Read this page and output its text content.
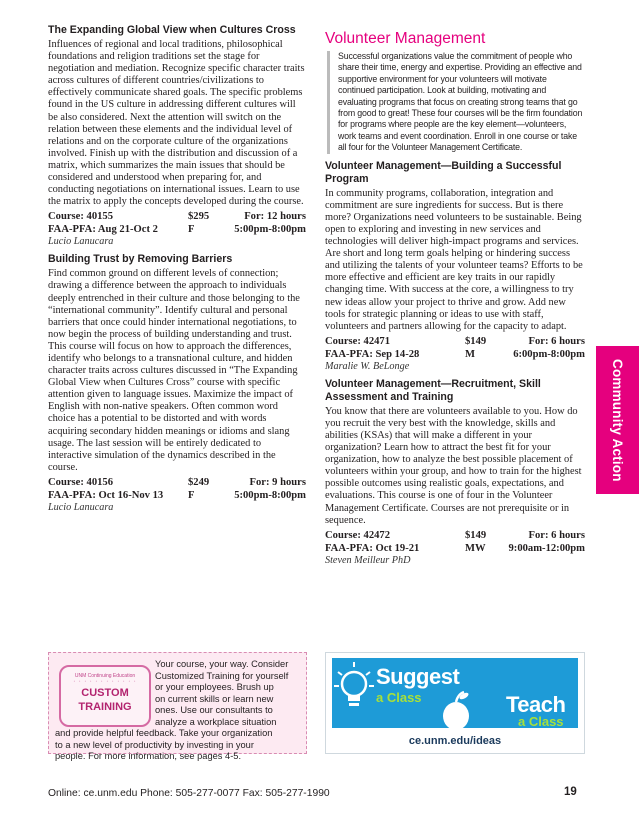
The Expanding Global View when Cultures Cross

Influences of regional and local traditions, philosophical foundations and religion traditions set the stage for negotiation and mediation. Recognize specific character traits across cultures of different countries/civilizations to effectively communicate shared goals. The specific problems found in the US culture in addressing different cultures will be also considered. Next the attention will switch on the relation between these elements and the individual level of relations and on the corporate culture of the organizations involved. Finish up with the distribution and discussion of a matrix, which summarizes the main issues that should be considered and understood when preparing for, and conducting negotiations on international issues. Learn to use the matrix to apply the concepts developed during the course.

Course: 40155	$295	For: 12 hours
FAA-PFA: Aug 21-Oct 2	F	5:00pm-8:00pm
Lucio Lanucara
Building Trust by Removing Barriers

Find common ground on different levels of connection; drawing a difference between the approach to individuals deeply entrenched in their culture and those belonging to the “international community”. Identify cultural and personal barriers that once could hinder international negotiations, to now begin the process of building understanding and trust. This course will focus on how to approach the differences, identify who belongs to a transnational culture, and hidden character traits across cultures discussed in “The Expanding Global View when Cultures Cross” course with specific attention given to language issues. Maximize the impact of English with non-native speakers. Often common word choice has a potential to be distorted and with words acquiring secondary hidden meanings or idioms and slang usage. The last session will be entirely dedicated to interactive simulation of the dynamics described in the course.

Course: 40156	$249	For: 9 hours
FAA-PFA: Oct 16-Nov 13	F	5:00pm-8:00pm
Lucio Lanucara
Volunteer Management
Successful organizations value the commitment of people who share their time, energy and expertise. Providing an effective and supportive environment for your volunteers will motivate continued participation. Look at building, motivating and evaluating programs that focus on creating strong teams that go from good to great! These four courses will be the firm foundation for programs where people are the key element—volunteers, work teams and event coordination. Enroll in one course or take all four for the Volunteer Management Certificate.
Volunteer Management—Building a Successful Program

In community programs, collaboration, integration and commitment are sure ingredients for success. But is there more? Organizations need volunteers to be sustainable. Being open to exploring and investing in new services and technologies will deliver high-impact programs and services. Are short and long term goals helping or hindering success and utilizing the talents of your volunteer teams? Efforts to be more effective and efficient are key traits in our rapidly changing time. With success at the core, a willingness to try new ideas allow your project to thrive and grow. Add new tools for strategic planning or ideas to use with staff, volunteers and partners allowing for the capacity to adapt.

Course: 42471	$149	For: 6 hours
FAA-PFA: Sep 14-28	M	6:00pm-8:00pm
Maralie W. BeLonge
Volunteer Management—Recruitment, Skill Assessment and Training

You know that there are volunteers available to you. How do you recruit the very best with the knowledge, skills and abilities (KSAs) that will make a different in your organization? Learn how to attract the best fit for your organization, how to analyze the best possible placement of volunteers within your group, and how to train for the highest possible outcomes using realistic goals, expectations, and evaluations. This course is one of four in the Volunteer Management Certificate. Courses are not prerequisite or in sequence.

Course: 42472	$149	For: 6 hours
FAA-PFA: Oct 19-21	MW	9:00am-12:00pm
Steven Meilleur PhD
Community Action
UNM Continuing Education
· · · · · · · · · · · ·
CUSTOM
TRAINING
Your course, your way. Consider
Customized Training for yourself
or your employees. Brush up
on current skills or learn new
ones. Use our consultants to
analyze a workplace situation
and provide helpful feedback. Take your organization
to a new level of productivity by investing in your
people. For more information, see pages 4-5.
Suggest
a Class	Teach
a Class
ce.unm.edu/ideas
Online: ce.unm.edu Phone: 505-277-0077 Fax: 505-277-1990	19
